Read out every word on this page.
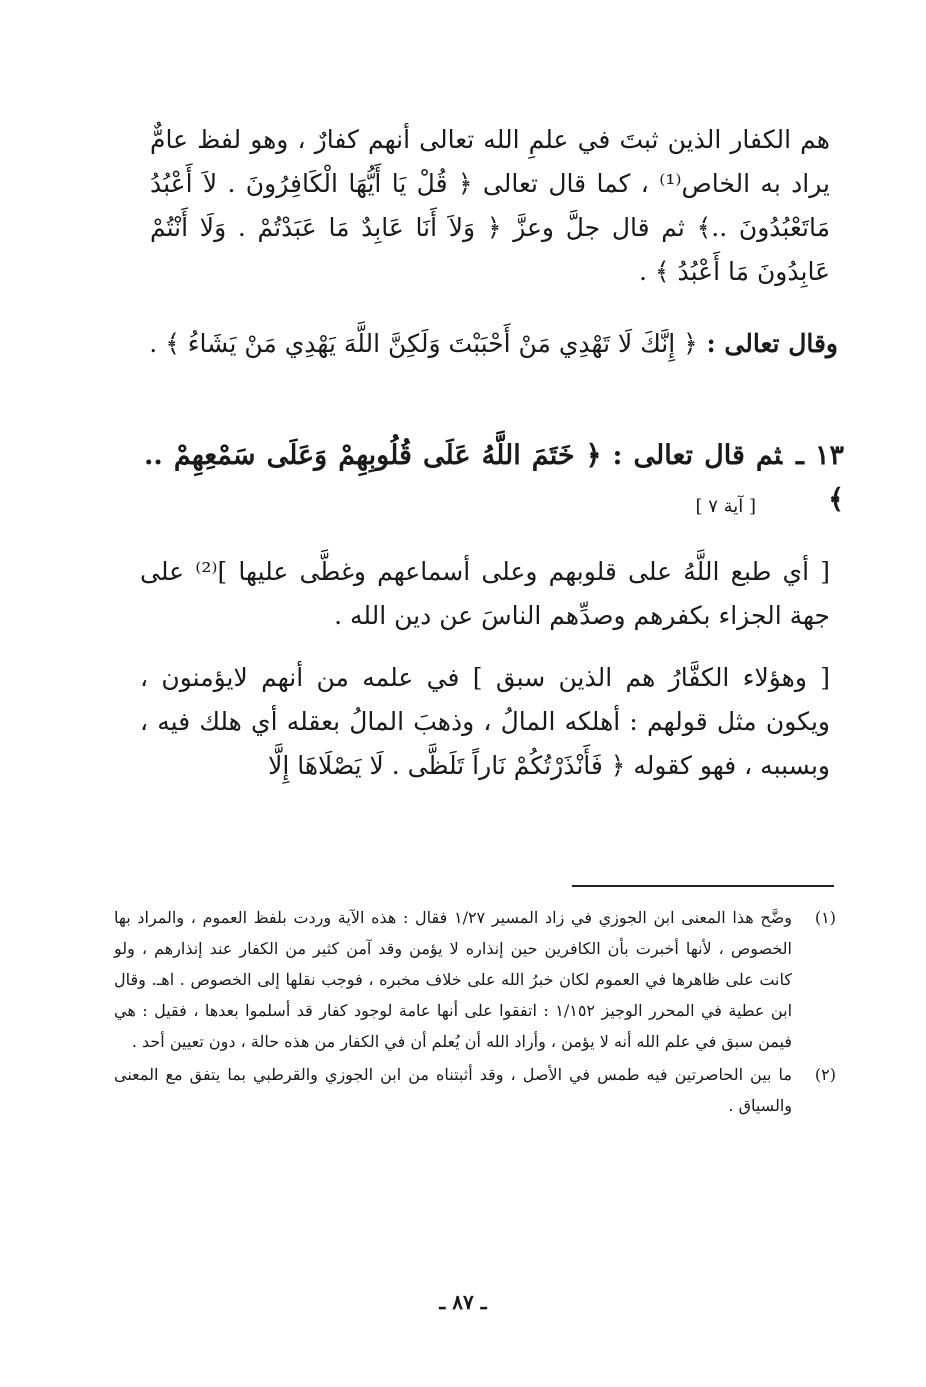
هم الكفار الذين ثبتَ في علمِ الله تعالى أنهم كفارٌ ، وهو لفظ عامٌّ يراد به الخاص⁽¹⁾ ، كما قال تعالى ﴿ قُلْ يَا أَيُّهَا الْكَافِرُونَ . لاَ أَعْبُدُ مَاتَعْبُدُونَ ..﴾ ثم قال جلَّ وعزَّ ﴿ وَلاَ أَنَا عَابِدٌ مَا عَبَدْتُمْ . وَلَا أَنْتُمْ عَابِدُونَ مَا أَعْبُدُ ﴾ .

وقال تعالى : ﴿ إِنَّكَ لَا تَهْدِي مَنْ أَحْبَبْتَ وَلَكِنَّ اللَّهَ يَهْدِي مَنْ يَشَاءُ ﴾ .

١٣ ـثم قال تعالى : ﴿ خَتَمَ اللَّهُ عَلَى قُلُوبِهِمْ وَعَلَى سَمْعِهِمْ .. ﴾

[ آية ٧ ]

[ أي طبع اللَّهُ على قلوبهم وعلى أسماعهم وغطَّى عليها ]⁽²⁾ على جهة الجزاء بكفرهم وصدِّهم الناسَ عن دين الله .

[ وهؤلاء الكفَّارُ هم الذين سبق ] في علمه من أنهم لايؤمنون ، ويكون مثل قولهم : أهلكه المالُ ، وذهبَ المالُ بعقله أي هلك فيه ، وبسببه ، فهو كقوله ﴿ فَأَنْذَرْتُكُمْ نَاراً تَلَظَّى . لَا يَصْلَاهَا إِلَّا

(١)
وضَّح هذا المعنى ابن الجوزي في زاد المسير ١/٢٧ فقال : هذه الآية وردت بلفظ العموم ، والمراد بها الخصوص ، لأنها أخبرت بأن الكافرين حين إنذاره لا يؤمن وقد آمن كثير من الكفار عند إنذارهم ، ولو كانت على ظاهرها في العموم لكان خبرُ الله على خلاف مخبره ، فوجب نقلها إلى الخصوص . اهـ. وقال ابن عطية في المحرر الوجيز ١/١٥٢ : اتفقوا على أنها عامة لوجود كفار قد أسلموا بعدها ، فقيل : هي فيمن سبق في علم الله أنه لا يؤمن ، وأراد الله أن يُعلم أن في الكفار من هذه حالة ، دون تعيين أحد .
(٢)
ما بين الحاصرتين فيه طمس في الأصل ، وقد أثبتناه من ابن الجوزي والقرطبي بما يتفق مع المعنى والسياق .
ـ ٨٧ ـ
